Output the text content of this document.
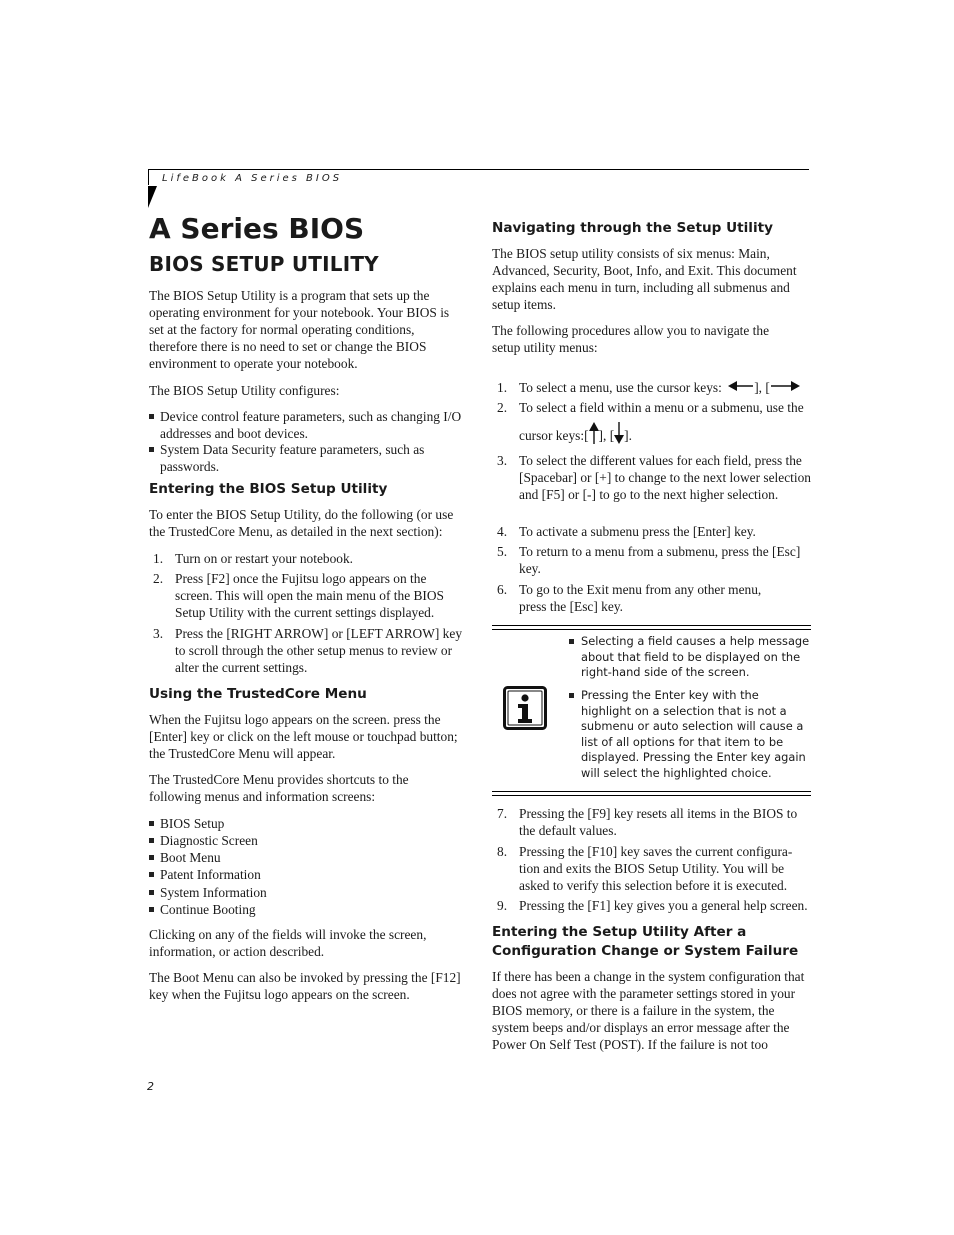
LifeBook A Series BIOS
A Series BIOS
BIOS SETUP UTILITY

The BIOS Setup Utility is a program that sets up the operating environment for your notebook. Your BIOS is set at the factory for normal operating conditions, therefore there is no need to set or change the BIOS environment to operate your notebook.

The BIOS Setup Utility configures:

Device control feature parameters, such as changing I/O addresses and boot devices.
System Data Security feature parameters, such as passwords.
Entering the BIOS Setup Utility

To enter the BIOS Setup Utility, do the following (or use the TrustedCore Menu, as detailed in the next section):

1. Turn on or restart your notebook.
2. Press [F2] once the Fujitsu logo appears on the screen. This will open the main menu of the BIOS Setup Utility with the current settings displayed.
3. Press the [RIGHT ARROW] or [LEFT ARROW] key to scroll through the other setup menus to review or alter the current settings.
Using the TrustedCore Menu

When the Fujitsu logo appears on the screen. press the [Enter] key or click on the left mouse or touchpad button; the TrustedCore Menu will appear.

The TrustedCore Menu provides shortcuts to the following menus and information screens:

BIOS Setup
Diagnostic Screen
Boot Menu
Patent Information
System Information
Continue Booting

Clicking on any of the fields will invoke the screen, information, or action described.

The Boot Menu can also be invoked by pressing the [F12] key when the Fujitsu logo appears on the screen.

Navigating through the Setup Utility

The BIOS setup utility consists of six menus: Main, Advanced, Security, Boot, Info, and Exit. This document explains each menu in turn, including all submenus and setup items.

The following procedures allow you to navigate the setup utility menus:

1. To select a menu, use the cursor keys: ], [
2. To select a field within a menu or a submenu, use the
cursor keys:[ ], [ ].
3. To select the different values for each field, press the [Spacebar] or [+] to change to the next lower selection and [F5] or [-] to go to the next higher selection.
4. To activate a submenu press the [Enter] key.
5. To return to a menu from a submenu, press the [Esc] key.
6. To go to the Exit menu from any other menu, press the [Esc] key.
Selecting a field causes a help message about that field to be displayed on the right-hand side of the screen.
Pressing the Enter key with the highlight on a selection that is not a submenu or auto selection will cause a list of all options for that item to be displayed. Pressing the Enter key again will select the highlighted choice.
7. Pressing the [F9] key resets all items in the BIOS to the default values.
8. Pressing the [F10] key saves the current configura-tion and exits the BIOS Setup Utility. You will be asked to verify this selection before it is executed.
9. Pressing the [F1] key gives you a general help screen.
Entering the Setup Utility After a Configuration Change or System Failure

If there has been a change in the system configuration that does not agree with the parameter settings stored in your BIOS memory, or there is a failure in the system, the system beeps and/or displays an error message after the Power On Self Test (POST). If the failure is not too

2
